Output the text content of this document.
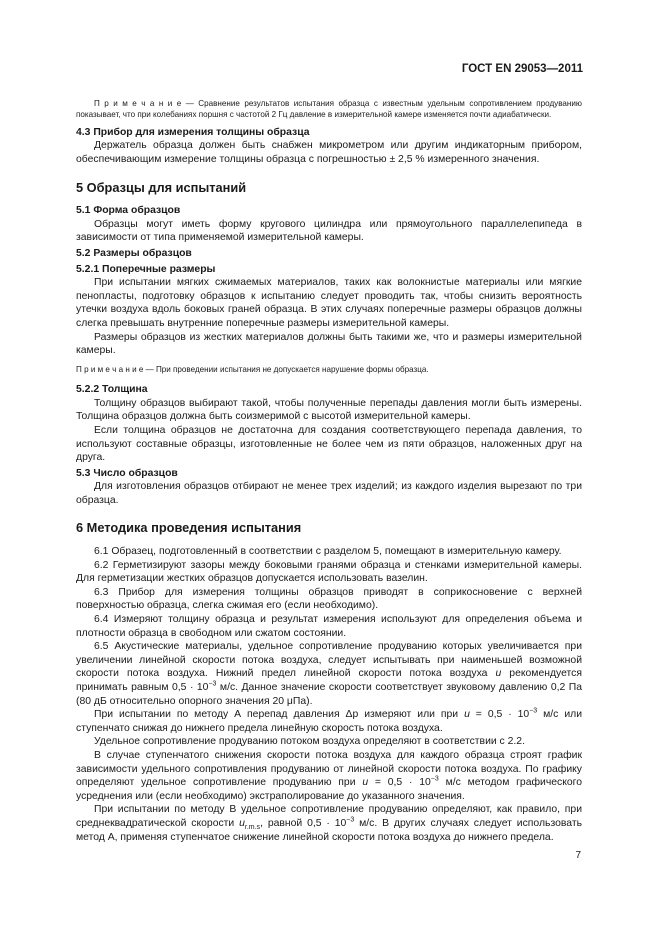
ГОСТ EN 29053—2011

П р и м е ч а н и е — Сравнение результатов испытания образца с известным удельным сопротивлением продуванию показывает, что при колебаниях поршня с частотой 2 Гц давление в измерительной камере изменяется почти адиабатически.

4.3 Прибор для измерения толщины образца

Держатель образца должен быть снабжен микрометром или другим индикаторным прибором, обеспечивающим измерение толщины образца с погрешностью ± 2,5 % измеренного значения.

5 Образцы для испытаний
5.1 Форма образцов

Образцы могут иметь форму кругового цилиндра или прямоугольного параллелепипеда в зависимости от типа применяемой измерительной камеры.

5.2 Размеры образцов
5.2.1 Поперечные размеры

При испытании мягких сжимаемых материалов, таких как волокнистые материалы или мягкие пенопласты, подготовку образцов к испытанию следует проводить так, чтобы снизить вероятность утечки воздуха вдоль боковых граней образца. В этих случаях поперечные размеры образцов должны слегка превышать внутренние поперечные размеры измерительной камеры.

Размеры образцов из жестких материалов должны быть такими же, что и размеры измерительной камеры.

П р и м е ч а н и е — При проведении испытания не допускается нарушение формы образца.

5.2.2 Толщина

Толщину образцов выбирают такой, чтобы полученные перепады давления могли быть измерены. Толщина образцов должна быть соизмеримой с высотой измерительной камеры.

Если толщина образцов не достаточна для создания соответствующего перепада давления, то используют составные образцы, изготовленные не более чем из пяти образцов, наложенных друг на друга.

5.3 Число образцов

Для изготовления образцов отбирают не менее трех изделий; из каждого изделия вырезают по три образца.

6 Методика проведения испытания

6.1 Образец, подготовленный в соответствии с разделом 5, помещают в измерительную камеру.

6.2 Герметизируют зазоры между боковыми гранями образца и стенками измерительной камеры. Для герметизации жестких образцов допускается использовать вазелин.

6.3 Прибор для измерения толщины образцов приводят в соприкосновение с верхней поверхностью образца, слегка сжимая его (если необходимо).

6.4 Измеряют толщину образца и результат измерения используют для определения объема и плотности образца в свободном или сжатом состоянии.

6.5 Акустические материалы, удельное сопротивление продуванию которых увеличивается при увеличении линейной скорости потока воздуха, следует испытывать при наименьшей возможной скорости потока воздуха. Нижний предел линейной скорости потока воздуха u рекомендуется принимать равным $0,5 \cdot 10^{-3}$ м/с. Данное значение скорости соответствует звуковому давлению 0,2 Па (80 дБ относительно опорного значения 20 μПа).

При испытании по методу А перепад давления Δp измеряют или при $u = 0,5 \cdot 10^{-3}$ м/с или ступенчато снижая до нижнего предела линейную скорость потока воздуха.

Удельное сопротивление продуванию потоком воздуха определяют в соответствии с 2.2.

В случае ступенчатого снижения скорости потока воздуха для каждого образца строят график зависимости удельного сопротивления продуванию от линейной скорости потока воздуха. По графику определяют удельное сопротивление продуванию при $u = 0,5 \cdot 10^{-3}$ м/с методом графического усреднения или (если необходимо) экстраполирование до указанного значения.

При испытании по методу В удельное сопротивление продуванию определяют, как правило, при среднеквадратической скорости $u_{r.m.s}$, равной $0,5 \cdot 10^{-3}$ м/с. В других случаях следует использовать метод А, применяя ступенчатое снижение линейной скорости потока воздуха до нижнего предела.

7
